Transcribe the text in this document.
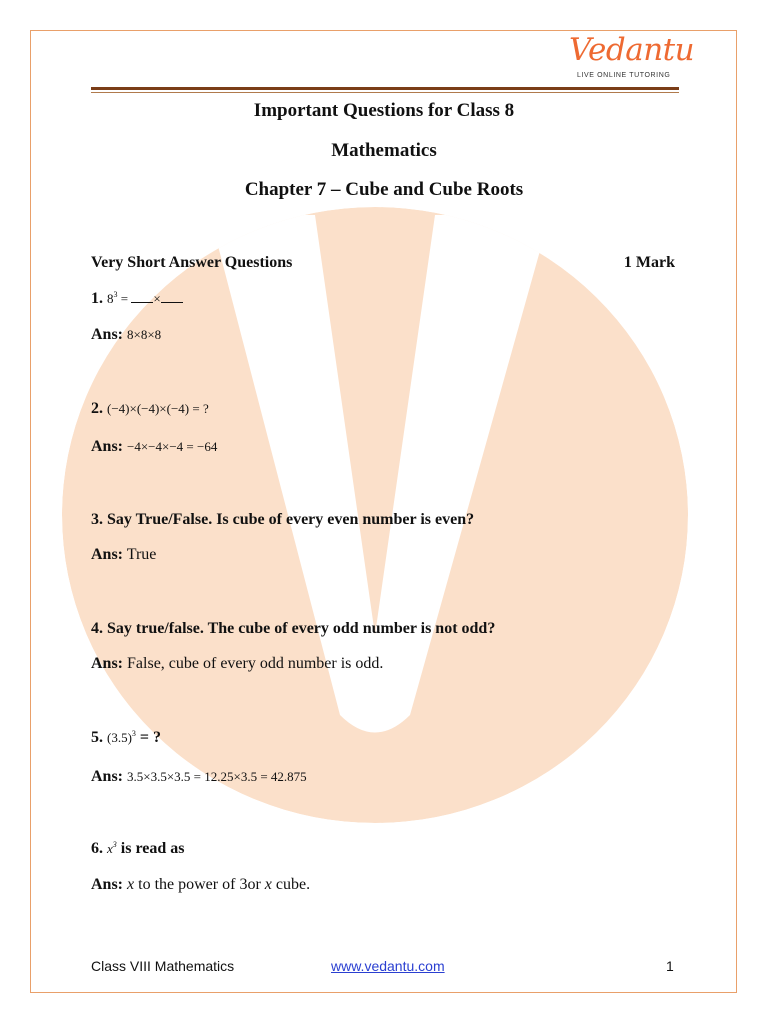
Vedantu
LIVE ONLINE TUTORING
Important Questions for Class 8
Mathematics
Chapter 7 – Cube and Cube Roots
Very Short Answer Questions	1 Mark
1. $8^3$ = ×
Ans: 8×8×8
2. (−4)×(−4)×(−4) = ?
Ans: −4×−4×−4 = −64
3. Say True/False. Is cube of every even number is even?
Ans: True
4. Say true/false. The cube of every odd number is not odd?
Ans: False, cube of every odd number is odd.
5. $(3.5)^3$ = ?
Ans: 3.5×3.5×3.5 = 12.25×3.5 = 42.875
6. $x^3$ is read as
Ans: x to the power of 3or x cube.
Class VIII Mathematics	www.vedantu.com	1
